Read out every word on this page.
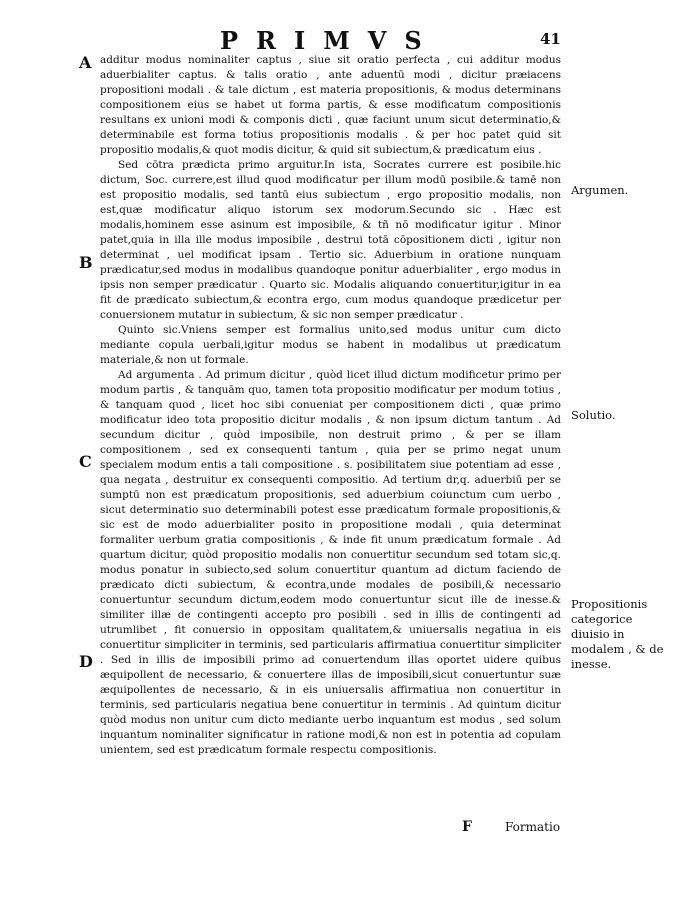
PRIMVS	41
A
B
C
D

additur modus nominaliter captus , siue sit oratio perfecta , cui additur modus aduerbialiter captus. & talis oratio , ante aduentū modi , dicitur præiacens propositioni modali . & tale dictum , est materia propositionis, & modus determinans compositionem eius se habet ut forma partis, & esse modificatum compositionis resultans ex unioni modi & componis dicti , quæ faciunt unum sicut determinatio,& determinabile est forma totius propositionis modalis . & per hoc patet quid sit propositio modalis,& quot modis dicitur, & quid sit subiectum,& prædicatum eius .

Sed cōtra prædicta primo arguitur.In ista, Socrates currere est posibile.hic dictum, Soc. currere,est illud quod modificatur per illum modū posibile.& tamē non est propositio modalis, sed tantū eius subiectum , ergo propositio modalis, non est,quæ modificatur aliquo istorum sex modorum.Secundo sic . Hæc est modalis,hominem esse asinum est imposibile, & tñ nō modificatur igitur . Minor patet,quia in illa ille modus imposibile , destrui totā cōpositionem dicti , igitur non determinat , uel modificat ipsam . Tertio sic. Aduerbium in oratione nunquam prædicatur,sed modus in modalibus quandoque ponitur aduerbialiter , ergo modus in ipsis non semper prædicatur . Quarto sic. Modalis aliquando conuertitur,igitur in ea fit de prædicato subiectum,& econtra ergo, cum modus quandoque prædicetur per conuersionem mutatur in subiectum, & sic non semper prædicatur .

Quinto sic.Vniens semper est formalius unito,sed modus unitur cum dicto mediante copula uerbali,igitur modus se habent in modalibus ut prædicatum materiale,& non ut formale.

Ad argumenta . Ad primum dicitur , quòd licet illud dictum modificetur primo per modum partis , & tanquām quo, tamen tota propositio modificatur per modum totius , & tanquam quod , licet hoc sibi conueniat per compositionem dicti , quæ primo modificatur ideo tota propositio dicitur modalis , & non ipsum dictum tantum . Ad secundum dicitur , quòd imposibile, non destruit primo , & per se illam compositionem , sed ex consequenti tantum , quia per se primo negat unum specialem modum entis a tali compositione . s. posibilitatem siue potentiam ad esse , qua negata , destruitur ex consequenti compositio. Ad tertium dr,q. aduerbiū per se sumptū non est prædicatum propositionis, sed aduerbium coiunctum cum uerbo , sicut determinatio suo determinabili potest esse prædicatum formale propositionis,& sic est de modo aduerbialiter posito in propositione modali , quia determinat formaliter uerbum gratia compositionis , & inde fit unum prædicatum formale . Ad quartum dicitur, quòd propositio modalis non conuertitur secundum sed totam sic,q. modus ponatur in subiecto,sed solum conuertitur quantum ad dictum faciendo de prædicato dicti subiectum, & econtra,unde modales de posibili,& necessario conuertuntur secundum dictum,eodem modo conuertuntur sicut ille de inesse.& similiter illæ de contingenti accepto pro posibili . sed in illis de contingenti ad utrumlibet , fit conuersio in oppositam qualitatem,& uniuersalis negatiua in eis conuertitur simpliciter in terminis, sed particularis affirmatiua conuertitur simpliciter . Sed in illis de imposibili primo ad conuertendum illas oportet uidere quibus æquipollent de necessario, & conuertere illas de imposibili,sicut conuertuntur suæ æquipollentes de necessario, & in eis uniuersalis affirmatiua non conuertitur in terminis, sed particularis negatiua bene conuertitur in terminis . Ad quintum dicitur quòd modus non unitur cum dicto mediante uerbo inquantum est modus , sed solum inquantum nominaliter significatur in ratione modi,& non est in potentia ad copulam unientem, sed est prædicatum formale respectu compositionis.

Argumen.
Solutio.
Propositionis categorice diuisio in modalem , & de inesse.
F	Formatio
